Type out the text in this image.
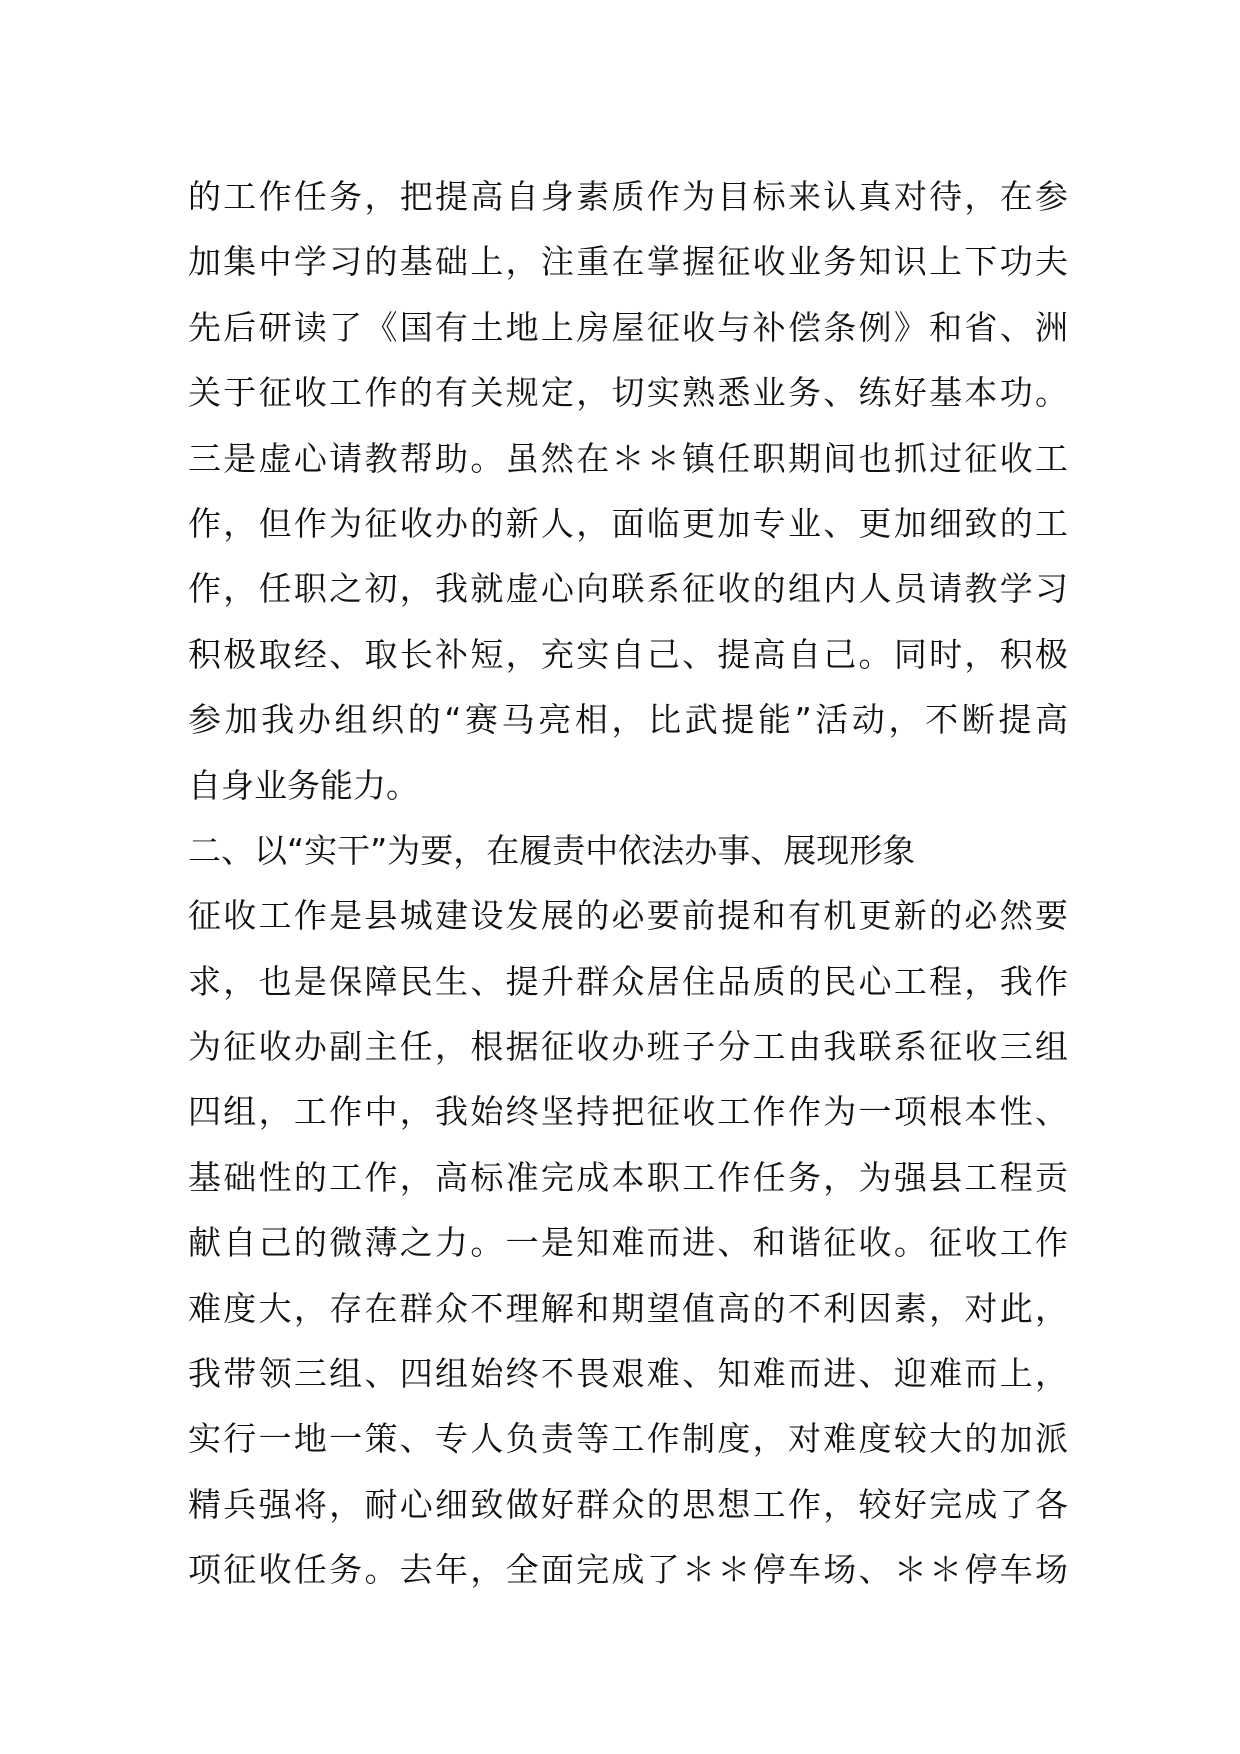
的工作任务，把提高自身素质作为目标来认真对待，在参
加集中学习的基础上，注重在掌握征收业务知识上下功夫
先后研读了《国有土地上房屋征收与补偿条例》和省、洲
关于征收工作的有关规定，切实熟悉业务、练好基本功。
三是虚心请教帮助。虽然在＊＊镇任职期间也抓过征收工
作，但作为征收办的新人，面临更加专业、更加细致的工
作，任职之初，我就虚心向联系征收的组内人员请教学习
积极取经、取长补短，充实自己、提高自己。同时，积极
参加我办组织的“赛马亮相，比武提能”活动，不断提高
自身业务能力。
二、以“实干”为要，在履责中依法办事、展现形象
征收工作是县城建设发展的必要前提和有机更新的必然要
求，也是保障民生、提升群众居住品质的民心工程，我作
为征收办副主任，根据征收办班子分工由我联系征收三组
四组，工作中，我始终坚持把征收工作作为一项根本性、
基础性的工作，高标准完成本职工作任务，为强县工程贡
献自己的微薄之力。一是知难而进、和谐征收。征收工作
难度大，存在群众不理解和期望值高的不利因素，对此，
我带领三组、四组始终不畏艰难、知难而进、迎难而上，
实行一地一策、专人负责等工作制度，对难度较大的加派
精兵强将，耐心细致做好群众的思想工作，较好完成了各
项征收任务。去年，全面完成了＊＊停车场、＊＊停车场
